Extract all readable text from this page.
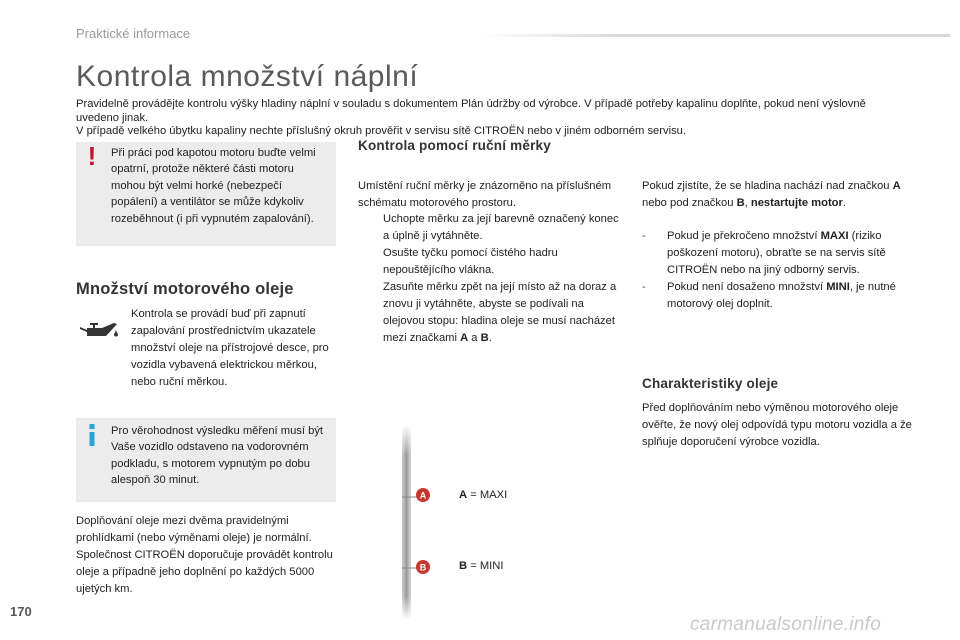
Praktické informace
Kontrola množství náplní
Pravidelně provádějte kontrolu výšky hladiny náplní v souladu s dokumentem Plán údržby od výrobce. V případě potřeby kapalinu doplňte, pokud není výslovně uvedeno jinak.
V případě velkého úbytku kapaliny nechte příslušný okruh prověřit v servisu sítě CITROËN nebo v jiném odborném servisu.
! Při práci pod kapotou motoru buďte velmi opatrní, protože některé části motoru mohou být velmi horké (nebezpečí popálení) a ventilátor se může kdykoliv rozeběhnout (i při vypnutém zapalování).
Množství motorového oleje
Kontrola se provádí buď při zapnutí zapalování prostřednictvím ukazatele množství oleje na přístrojové desce, pro vozidla vybavená elektrickou měrkou, nebo ruční měrkou.
Pro věrohodnost výsledku měření musí být Vaše vozidlo odstaveno na vodorovném podkladu, s motorem vypnutým po dobu alespoň 30 minut.
Doplňování oleje mezi dvěma pravidelnými prohlídkami (nebo výměnami oleje) je normální. Společnost CITROËN doporučuje provádět kontrolu oleje a případně jeho doplnění po každých 5000 ujetých km.
Kontrola pomocí ruční měrky
Umístění ruční měrky je znázorněno na příslušném schématu motorového prostoru.
Uchopte měrku za její barevně označený konec a úplně ji vytáhněte.
Osušte tyčku pomocí čistého hadru nepouštějícího vlákna.
Zasuňte měrku zpět na její místo až na doraz a znovu ji vytáhněte, abyste se podívali na olejovou stopu: hladina oleje se musí nacházet mezi značkami A a B.
A
B
A = MAXI
B = MINI
Pokud zjistíte, že se hladina nachází nad značkou A nebo pod značkou B, nestartujte motor.
- Pokud je překročeno množství MAXI (riziko poškození motoru), obraťte se na servis sítě CITROËN nebo na jiný odborný servis.
- Pokud není dosaženo množství MINI, je nutné motorový olej doplnit.
Charakteristiky oleje
Před doplňováním nebo výměnou motorového oleje ověřte, že nový olej odpovídá typu motoru vozidla a že splňuje doporučení výrobce vozidla.
170
carmanualsonline.info
